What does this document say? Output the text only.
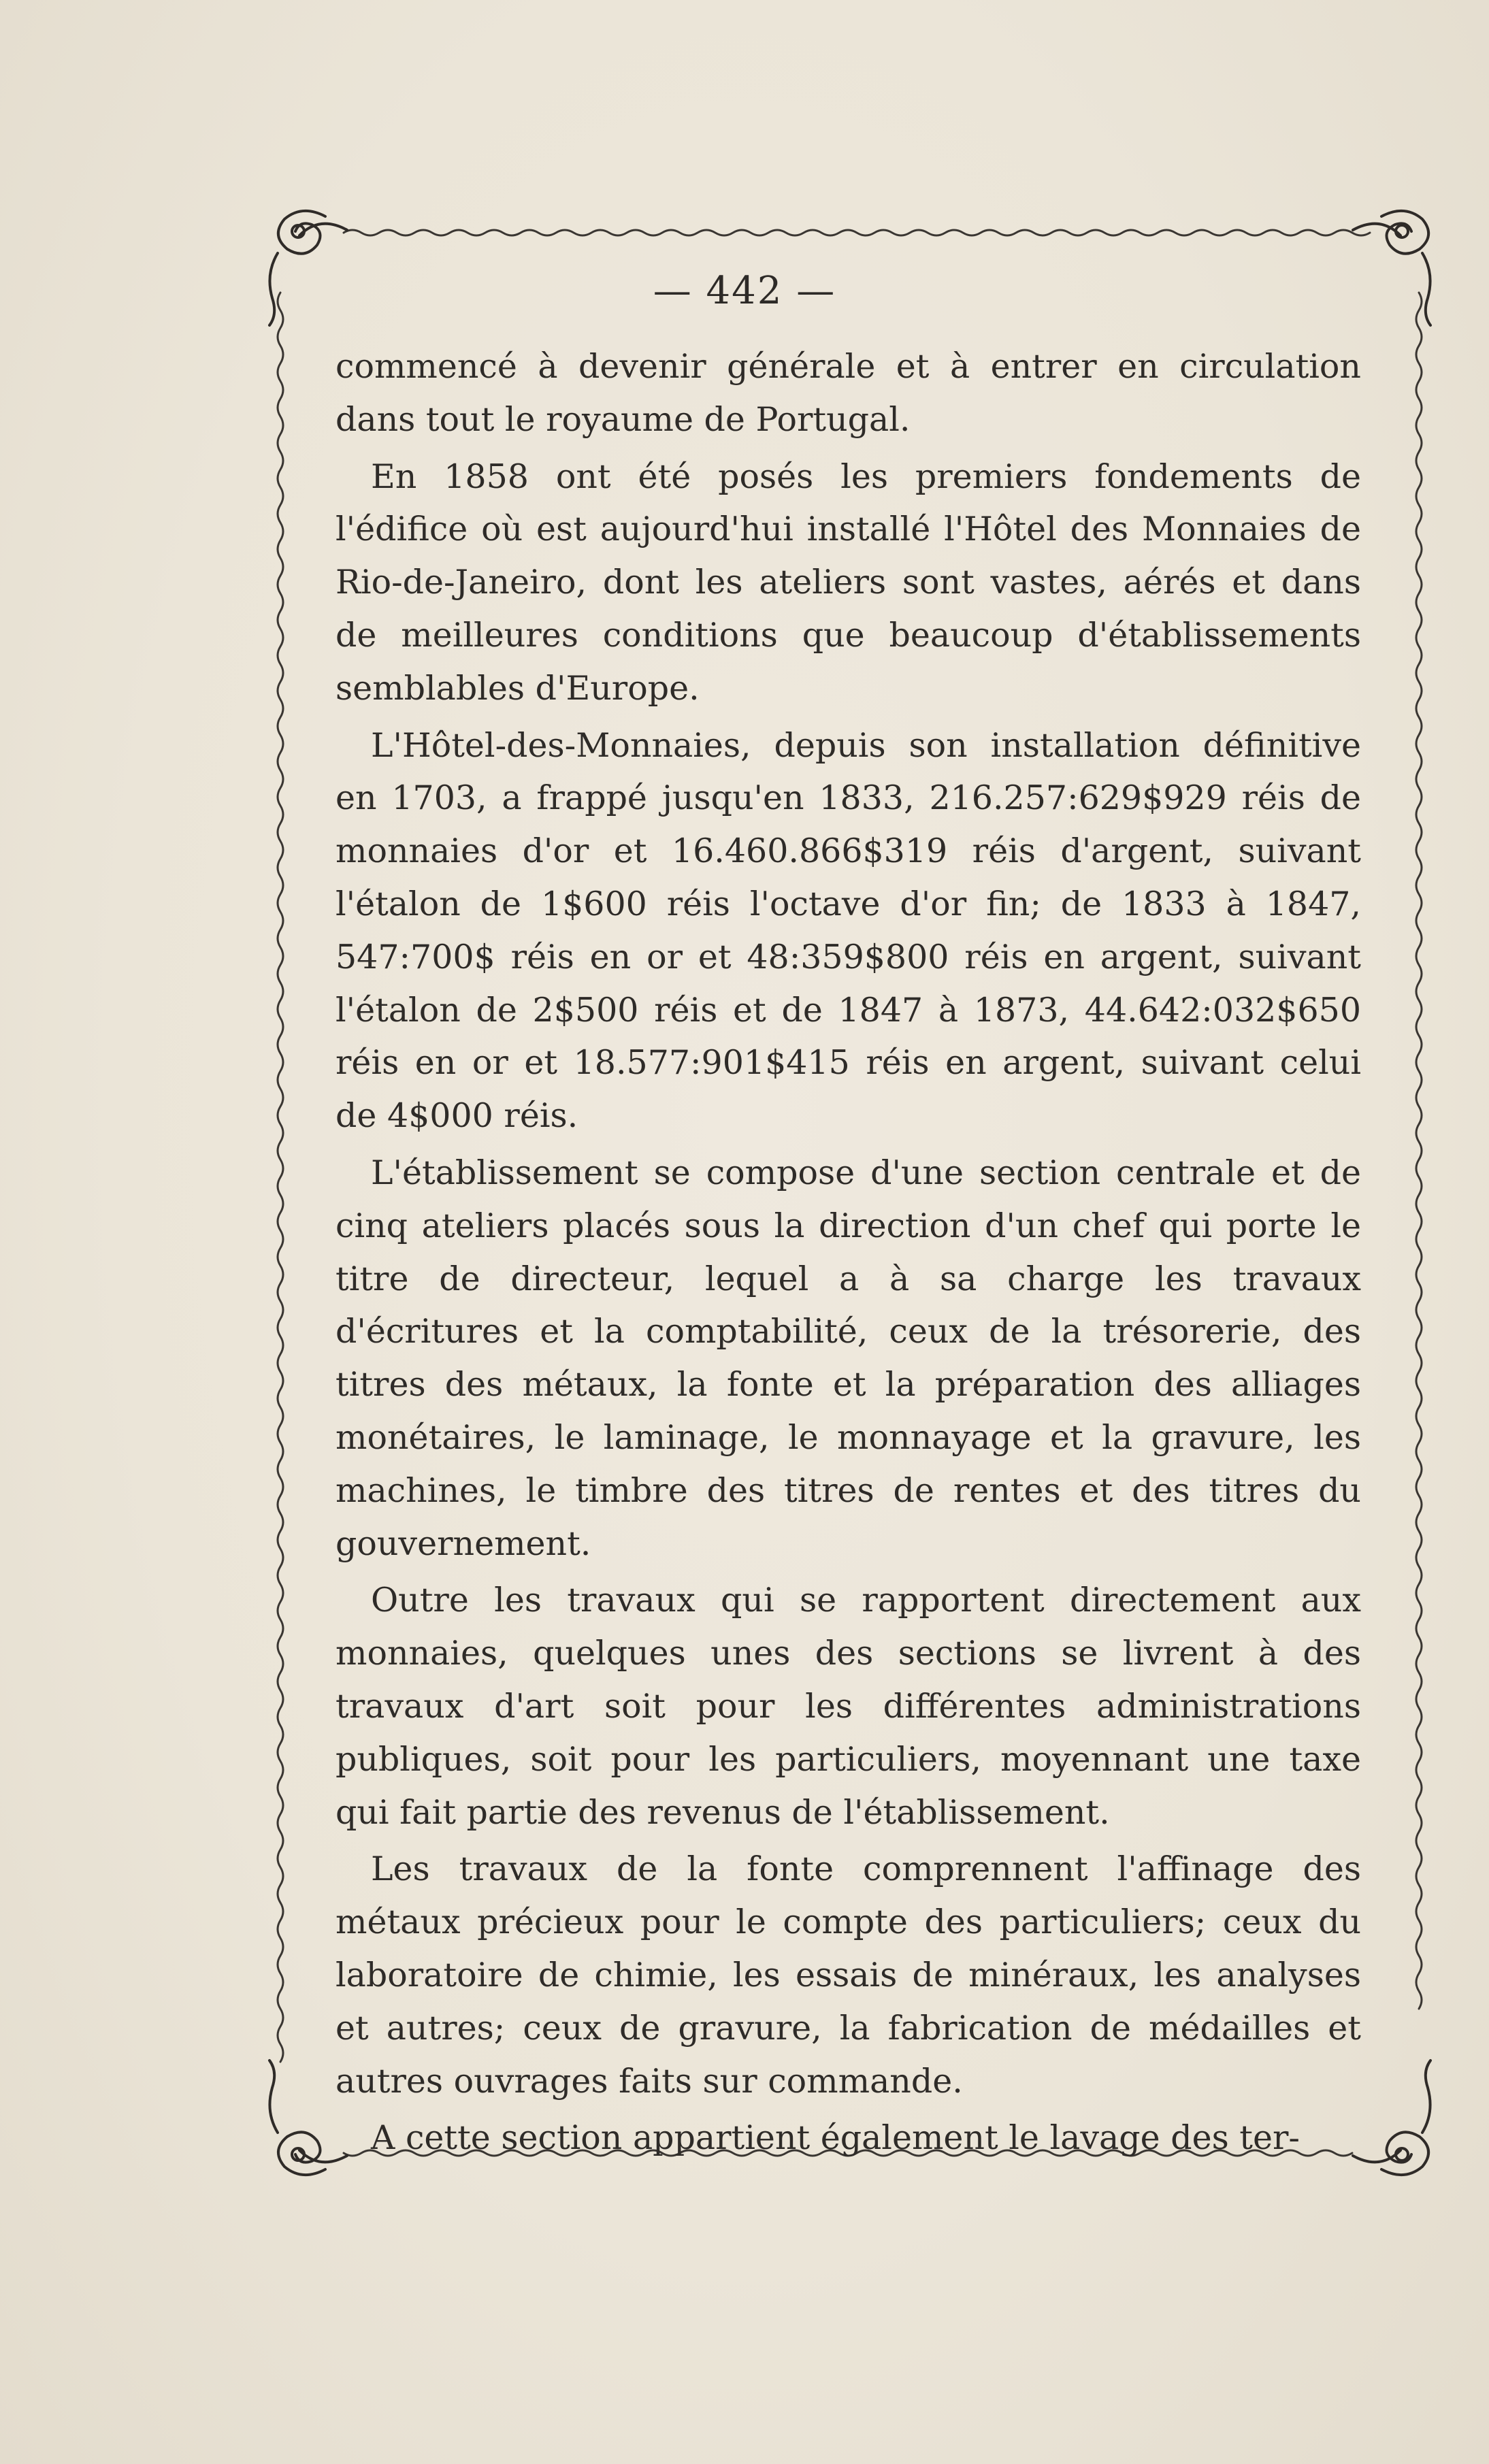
— 442 —

commencé à devenir générale et à entrer en circulation dans tout le royaume de Portugal.

En 1858 ont été posés les premiers fondements de l'édifice où est aujourd'hui installé l'Hôtel des Monnaies de Rio-de-Janeiro, dont les ateliers sont vastes, aérés et dans de meilleures conditions que beaucoup d'établissements semblables d'Europe.

L'Hôtel-des-Monnaies, depuis son installation définitive en 1703, a frappé jusqu'en 1833, 216.257:629$929 réis de monnaies d'or et 16.460.866$319 réis d'argent, suivant l'étalon de 1$600 réis l'octave d'or fin; de 1833 à 1847, 547:700$ réis en or et 48:359$800 réis en argent, suivant l'étalon de 2$500 réis et de 1847 à 1873, 44.642:032$650 réis en or et 18.577:901$415 réis en argent, suivant celui de 4$000 réis.

L'établissement se compose d'une section centrale et de cinq ateliers placés sous la direction d'un chef qui porte le titre de directeur, lequel a à sa charge les travaux d'écritures et la comptabilité, ceux de la trésorerie, des titres des métaux, la fonte et la préparation des alliages monétaires, le laminage, le monnayage et la gravure, les machines, le timbre des titres de rentes et des titres du gouvernement.

Outre les travaux qui se rapportent directement aux monnaies, quelques unes des sections se livrent à des travaux d'art soit pour les différentes administrations publiques, soit pour les particuliers, moyennant une taxe qui fait partie des revenus de l'établissement.

Les travaux de la fonte comprennent l'affinage des métaux précieux pour le compte des particuliers; ceux du laboratoire de chimie, les essais de minéraux, les analyses et autres; ceux de gravure, la fabrication de médailles et autres ouvrages faits sur commande.

A cette section appartient également le lavage des ter-
